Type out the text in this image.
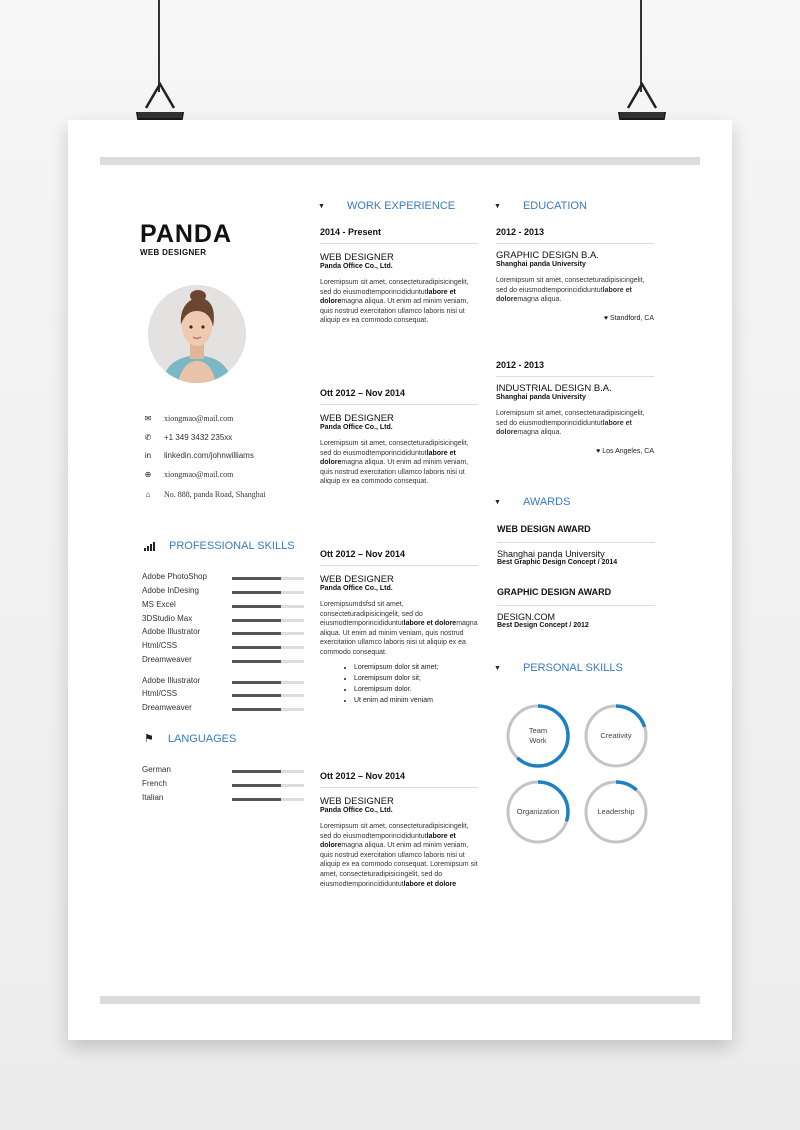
PANDA
WEB DESIGNER
PROFESSIONAL SKILLS
⚑ LANGUAGES
▼ WORK EXPERIENCE	▼ EDUCATION
▼ AWARDS
▼ PERSONAL SKILLS
✉	xiongmao@mail.com
✆	+1 349 3432 235xx
in	linkedin.com/johnwilliams
⊕	xiongmao@mail.com
⌂	No. 888, panda Road, Shanghai
Adobe PhotoShop
Adobe InDesing
MS Excel
3DStudio Max
Adobe Illustrator
Html/CSS
Dreamweaver
Adobe Illustrator
Html/CSS
Dreamweaver
German
French
Italian
2014 - Present
WEB DESIGNER
Panda Office Co., Ltd.
Loremipsum sit amet, consecteturadipisicingelit, sed do eiusmodtemporincididuntutlabore et doloremagna aliqua. Ut enim ad minim veniam, quis nostrud exercitation ullamco laboris nisi ut aliquip ex ea commodo consequat.
Ott 2012 – Nov 2014
WEB DESIGNER
Panda Office Co., Ltd.
Loremipsum sit amet, consecteturadipisicingelit, sed do eiusmodtemporincididuntutlabore et doloremagna aliqua. Ut enim ad minim veniam, quis nostrud exercitation ullamco laboris nisi ut aliquip ex ea commodo consequat.
Ott 2012 – Nov 2014
WEB DESIGNER
Panda Office Co., Ltd.
Loremipsumdsfsd sit amet, consecteturadipisicingelit, sed do eiusmodtemporincididuntutlabore et doloremagna aliqua. Ut enim ad minim veniam, quis nostrud exercitation ullamco laboris nisi ut aliquip ex ea commodo consequat.
• Loremipsum dolor sit amet;
• Loremipsum dolor sit;
• Loremipsum dolor.
• Ut enim ad minim veniam
Ott 2012 – Nov 2014
WEB DESIGNER
Panda Office Co., Ltd.
Loremipsum sit amet, consecteturadipisicingelit, sed do eiusmodtemporincididuntutlabore et doloremagna aliqua. Ut enim ad minim veniam, quis nostrud exercitation ullamco laboris nisi ut aliquip ex ea commodo consequat. Loremipsum sit amet, consecteturadipisicingelit, sed do eiusmodtemporincididuntutlabore et dolore
2012 - 2013
GRAPHIC DESIGN B.A.
Shanghai panda University
Loremipsum sit amet, consecteturadipisicingelit, sed do eiusmodtemporincididuntutlabore et doloremagna aliqua.
♥ Standford, CA
2012 - 2013
INDUSTRIAL DESIGN B.A.
Shanghai panda University
Loremipsum sit amet, consecteturadipisicingelit, sed do eiusmodtemporincididuntutlabore et doloremagna aliqua.
♥ Los Angeles, CA
WEB DESIGN AWARD
Shanghai panda University
Best Graphic Design Concept / 2014
GRAPHIC DESIGN AWARD
DESIGN.COM
Best Design Concept / 2012
Team Work
Creativity
Organization	Leadership
